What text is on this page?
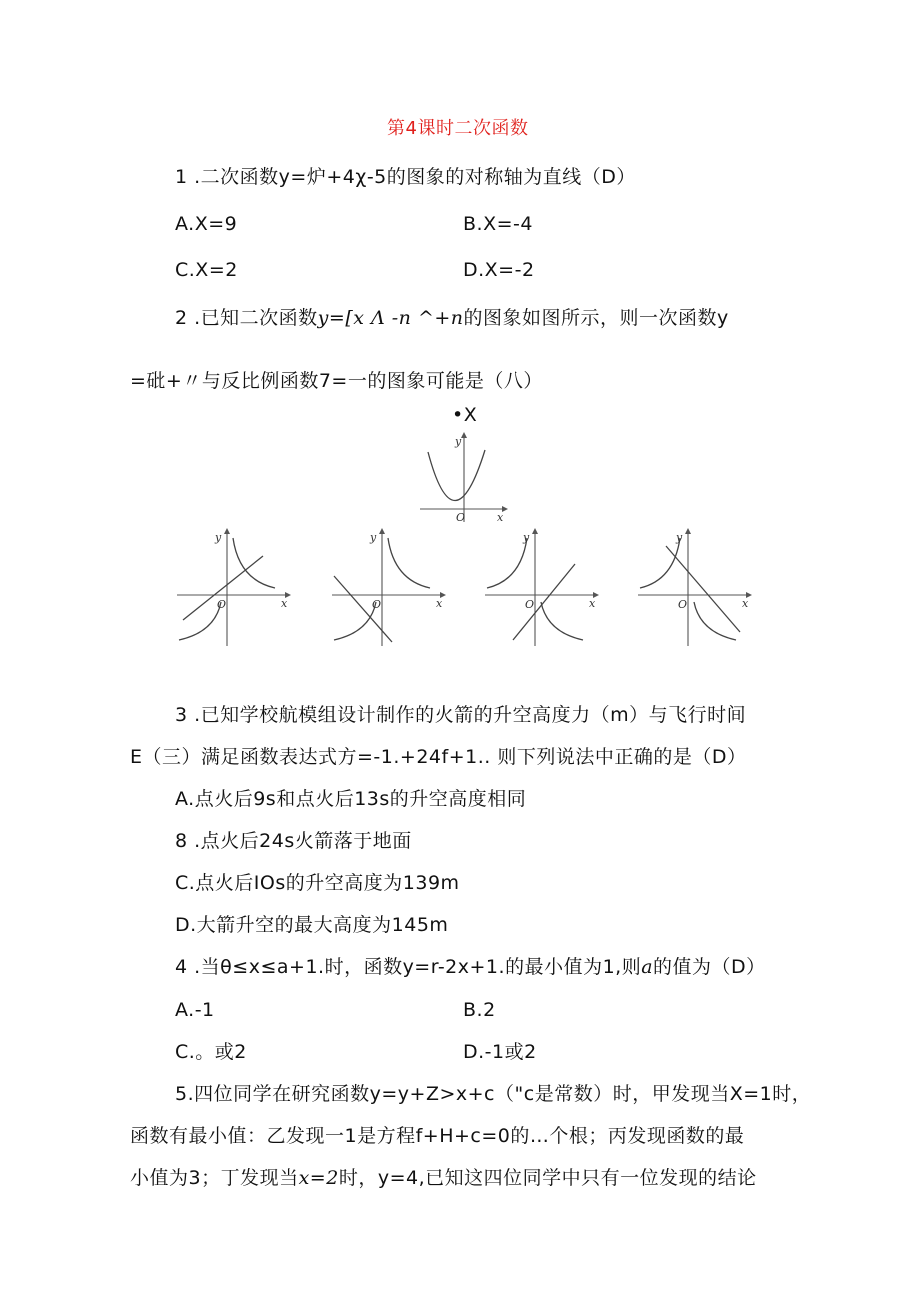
第4课时二次函数
1 .二次函数y=炉+4χ-5的图象的对称轴为直线（D）
A.X=9	B.X=-4
C.X=2	D.X=-2
2 .已知二次函数y=[x Λ -n ^+n的图象如图所示，则一次函数y
=砒+〃与反比例函数7=一的图象可能是（八）
•X
y
x
O
y
x
O
y
x
O
y
x
O
y
x
O
3 .已知学校航模组设计制作的火箭的升空高度力（m）与飞行时间
E（三）满足函数表达式方=-1.+24f+1.. 则下列说法中正确的是（D）
A.点火后9s和点火后13s的升空高度相同
8 .点火后24s火箭落于地面
C.点火后IOs的升空高度为139m
D.大箭升空的最大高度为145m
4 .当θ≤x≤a+1.时，函数y=r-2x+1.的最小值为1,则a的值为（D）
A.-1	B.2
C.。或2	D.-1或2
5.四位同学在研究函数y=y+Z>x+c（"c是常数）时，甲发现当X=1时，
函数有最小值：乙发现一1是方程f+H+c=0的…个根；丙发现函数的最
小值为3；丁发现当x=2时，y=4,已知这四位同学中只有一位发现的结论
